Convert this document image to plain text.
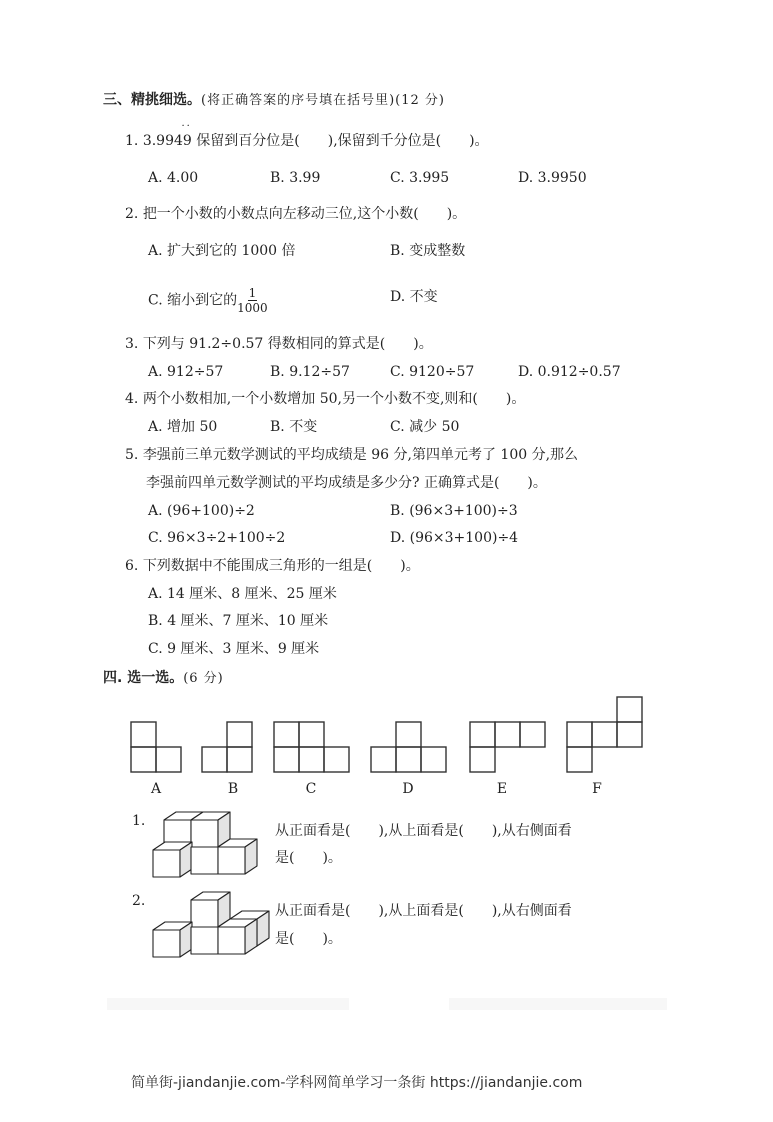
三、精挑细选。(将正确答案的序号填在括号里)(12 分)
1. 3.9949
··
保留到百分位是(　　),保留到千分位是(　　)。
A. 4.00	B. 3.99	C. 3.995	D. 3.9950
2. 把一个小数的小数点向左移动三位,这个小数(　　)。
A. 扩大到它的 1000 倍	B. 变成整数
C. 缩小到它的 $\frac{1}{1000}$	D. 不变
3. 下列与 91.2÷0.57 得数相同的算式是(　　)。
A. 912÷57	B. 9.12÷57	C. 9120÷57	D. 0.912÷0.57
4. 两个小数相加,一个小数增加 50,另一个小数不变,则和(　　)。
A. 增加 50	B. 不变	C. 减少 50
5. 李强前三单元数学测试的平均成绩是 96 分,第四单元考了 100 分,那么
李强前四单元数学测试的平均成绩是多少分? 正确算式是(　　)。
A. (96+100)÷2	B. (96×3+100)÷3
C. 96×3÷2+100÷2	D. (96×3+100)÷4
6. 下列数据中不能围成三角形的一组是(　　)。
A. 14 厘米、8 厘米、25 厘米
B. 4 厘米、7 厘米、10 厘米
C. 9 厘米、3 厘米、9 厘米
四. 选一选。(6 分)
A	B	C	D	E	F
1.
从正面看是(　　),从上面看是(　　),从右侧面看
是(　　)。
2.
从正面看是(　　),从上面看是(　　),从右侧面看
是(　　)。
简单街-jiandanjie.com-学科网简单学习一条街 https://jiandanjie.com
